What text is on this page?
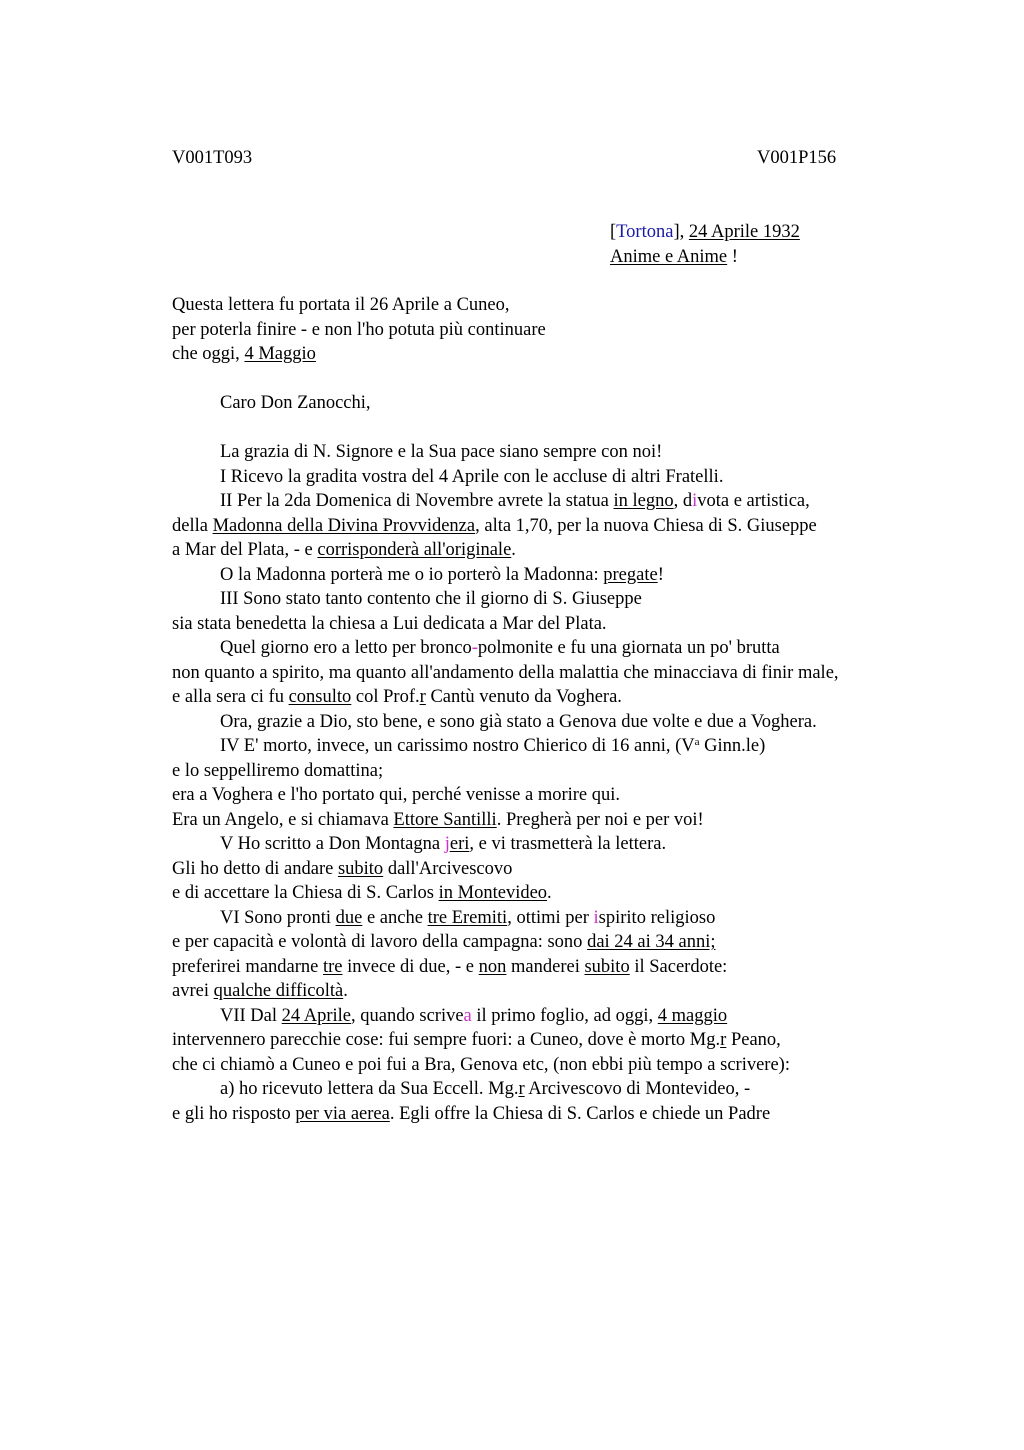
V001T093	V001P156
[Tortona], 24 Aprile 1932
Anime e Anime !
Questa lettera fu portata il 26 Aprile a Cuneo,
per poterla finire - e non l'ho potuta più continuare
che oggi, 4 Maggio
Caro Don Zanocchi,
La grazia di N. Signore e la Sua pace siano sempre con noi!
I Ricevo la gradita vostra del 4 Aprile con le accluse di altri Fratelli.
II Per la 2da Domenica di Novembre avrete la statua in legno, divota e artistica,
della Madonna della Divina Provvidenza, alta 1,70, per la nuova Chiesa di S. Giuseppe
a Mar del Plata, - e corrisponderà all'originale.
O la Madonna porterà me o io porterò la Madonna: pregate!
III Sono stato tanto contento che il giorno di S. Giuseppe
sia stata benedetta la chiesa a Lui dedicata a Mar del Plata.
Quel giorno ero a letto per bronco-polmonite e fu una giornata un po' brutta
non quanto a spirito, ma quanto all'andamento della malattia che minacciava di finir male,
e alla sera ci fu consulto col Prof.r Cantù venuto da Voghera.
Ora, grazie a Dio, sto bene, e sono già stato a Genova due volte e due a Voghera.
IV E' morto, invece, un carissimo nostro Chierico di 16 anni, ($V^a$ Ginn.le)
e lo seppelliremo domattina;
era a Voghera e l'ho portato qui, perché venisse a morire qui.
Era un Angelo, e si chiamava Ettore Santilli. Pregherà per noi e per voi!
V Ho scritto a Don Montagna jeri, e vi trasmetterà la lettera.
Gli ho detto di andare subito dall'Arcivescovo
e di accettare la Chiesa di S. Carlos in Montevideo.
VI Sono pronti due e anche tre Eremiti, ottimi per ispirito religioso
e per capacità e volontà di lavoro della campagna: sono dai 24 ai 34 anni;
preferirei mandarne tre invece di due, - e non manderei subito il Sacerdote:
avrei qualche difficoltà.
VII Dal 24 Aprile, quando scrivea il primo foglio, ad oggi, 4 maggio
intervennero parecchie cose: fui sempre fuori: a Cuneo, dove è morto Mg.r Peano,
che ci chiamò a Cuneo e poi fui a Bra, Genova etc, (non ebbi più tempo a scrivere):
a) ho ricevuto lettera da Sua Eccell. Mg.r Arcivescovo di Montevideo, -
e gli ho risposto per via aerea. Egli offre la Chiesa di S. Carlos e chiede un Padre
